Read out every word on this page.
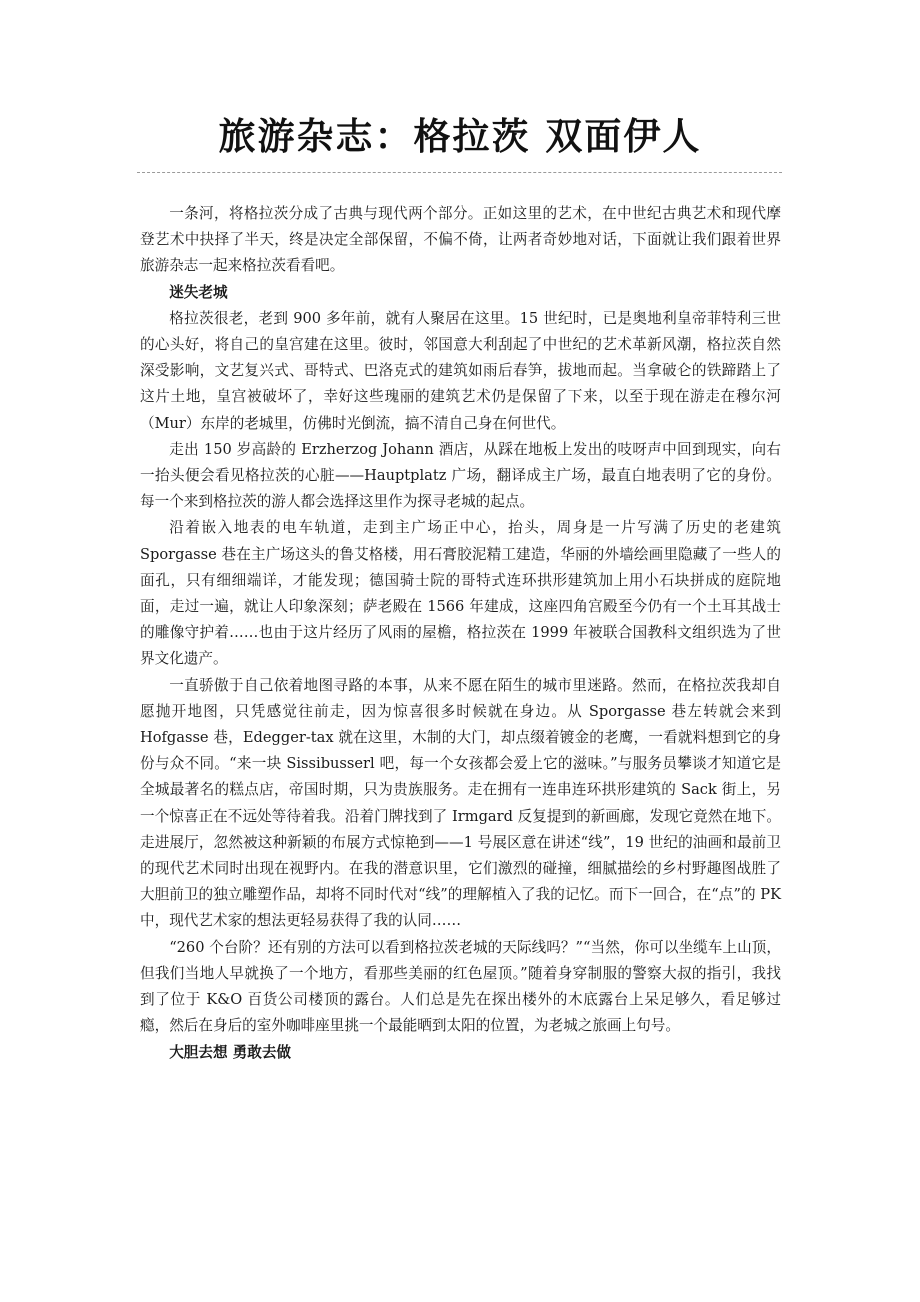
旅游杂志：格拉茨 双面伊人

一条河，将格拉茨分成了古典与现代两个部分。正如这里的艺术，在中世纪古典艺术和现代摩登艺术中抉择了半天，终是决定全部保留，不偏不倚，让两者奇妙地对话，下面就让我们跟着世界旅游杂志一起来格拉茨看看吧。

迷失老城

格拉茨很老，老到 900 多年前，就有人聚居在这里。15 世纪时，已是奥地利皇帝菲特利三世的心头好，将自己的皇宫建在这里。彼时，邻国意大利刮起了中世纪的艺术革新风潮，格拉茨自然深受影响，文艺复兴式、哥特式、巴洛克式的建筑如雨后春笋，拔地而起。当拿破仑的铁蹄踏上了这片土地，皇宫被破坏了，幸好这些瑰丽的建筑艺术仍是保留了下来，以至于现在游走在穆尔河（Mur）东岸的老城里，仿佛时光倒流，搞不清自己身在何世代。

走出 150 岁高龄的 Erzherzog Johann 酒店，从踩在地板上发出的吱呀声中回到现实，向右一抬头便会看见格拉茨的心脏——Hauptplatz 广场，翻译成主广场，最直白地表明了它的身份。每一个来到格拉茨的游人都会选择这里作为探寻老城的起点。

沿着嵌入地表的电车轨道，走到主广场正中心，抬头，周身是一片写满了历史的老建筑Sporgasse 巷在主广场这头的鲁艾格楼，用石膏胶泥精工建造，华丽的外墙绘画里隐藏了一些人的面孔，只有细细端详，才能发现；德国骑士院的哥特式连环拱形建筑加上用小石块拼成的庭院地面，走过一遍，就让人印象深刻；萨老殿在 1566 年建成，这座四角宫殿至今仍有一个土耳其战士的雕像守护着……也由于这片经历了风雨的屋檐，格拉茨在 1999 年被联合国教科文组织选为了世界文化遗产。

一直骄傲于自己依着地图寻路的本事，从来不愿在陌生的城市里迷路。然而，在格拉茨我却自愿抛开地图，只凭感觉往前走，因为惊喜很多时候就在身边。从 Sporgasse 巷左转就会来到 Hofgasse 巷，Edegger-tax 就在这里，木制的大门，却点缀着镀金的老鹰，一看就料想到它的身份与众不同。“来一块 Sissibusserl 吧，每一个女孩都会爱上它的滋味。”与服务员攀谈才知道它是全城最著名的糕点店，帝国时期，只为贵族服务。走在拥有一连串连环拱形建筑的 Sack 街上，另一个惊喜正在不远处等待着我。沿着门牌找到了 Irmgard 反复提到的新画廊，发现它竟然在地下。走进展厅，忽然被这种新颖的布展方式惊艳到——1 号展区意在讲述“线”，19 世纪的油画和最前卫的现代艺术同时出现在视野内。在我的潜意识里，它们激烈的碰撞，细腻描绘的乡村野趣图战胜了大胆前卫的独立雕塑作品，却将不同时代对“线”的理解植入了我的记忆。而下一回合，在“点”的 PK 中，现代艺术家的想法更轻易获得了我的认同……

“260 个台阶？还有别的方法可以看到格拉茨老城的天际线吗？”“当然，你可以坐缆车上山顶，但我们当地人早就换了一个地方，看那些美丽的红色屋顶。”随着身穿制服的警察大叔的指引，我找到了位于 K&O 百货公司楼顶的露台。人们总是先在探出楼外的木底露台上呆足够久，看足够过瘾，然后在身后的室外咖啡座里挑一个最能晒到太阳的位置，为老城之旅画上句号。

大胆去想 勇敢去做
